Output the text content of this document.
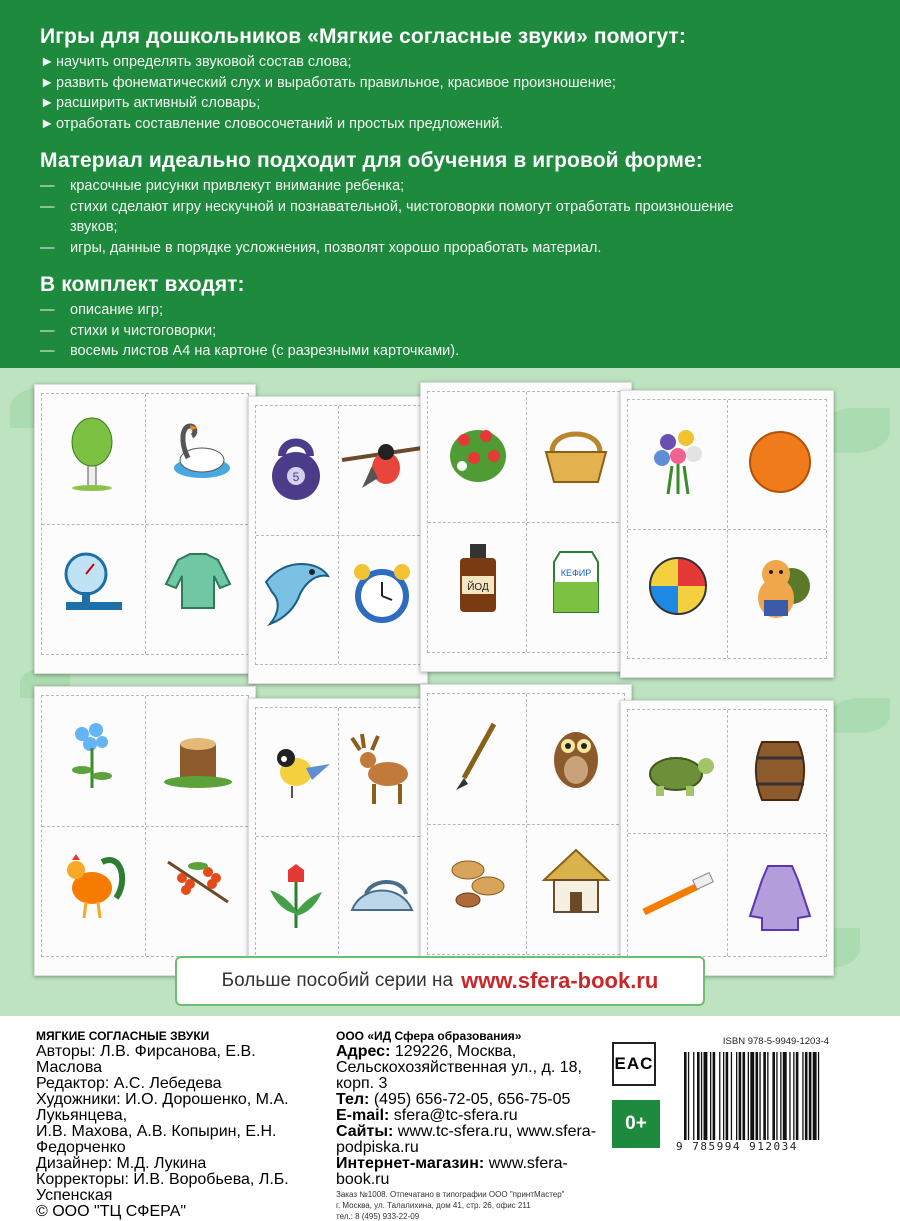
Игры для дошкольников «Мягкие согласные звуки» помогут:
► научить определять звуковой состав слова;
► развить фонематический слух и выработать правильное, красивое произношение;
► расширить активный словарь;
► отработать составление словосочетаний и простых предложений.
Материал идеально подходит для обучения в игровой форме:
— красочные рисунки привлекут внимание ребенка;
— стихи сделают игру нескучной и познавательной, чистоговорки помогут отработать произношение
звуков;
— игры, данные в порядке усложнения, позволят хорошо проработать материал.
В комплект входят:
— описание игр;
— стихи и чистоговорки;
— восемь листов А4 на картоне (с разрезными карточками).
5
ЙОД
КЕФИР
Больше пособий серии на www.sfera-book.ru
МЯГКИЕ СОГЛАСНЫЕ ЗВУКИ
Авторы: Л.В. Фирсанова, Е.В. Маслова
Редактор: А.С. Лебедева
Художники: И.О. Дорошенко, М.А. Лукьянцева,
И.В. Махова, А.В. Копырин, Е.Н. Федорченко
Дизайнер: М.Д. Лукина
Корректоры: И.В. Воробьева, Л.Б. Успенская
© ООО "ТЦ СФЕРА"
ООО «ИД Сфера образования»
Адрес: 129226, Москва,
Сельскохозяйственная ул., д. 18, корп. 3
Тел: (495) 656-72-05, 656-75-05
E-mail: sfera@tc-sfera.ru
Сайты: www.tc-sfera.ru, www.sfera-podpiska.ru
Интернет-магазин: www.sfera-book.ru
Заказ №1008. Отпечатано в типографии ООО "принтМастер"
г. Москва, ул. Талалихина, дом 41, стр. 26, офис 211
тел.: 8 (495) 933-22-09
EAC
0+
ISBN 978-5-9949-1203-4
9 785994 912034
